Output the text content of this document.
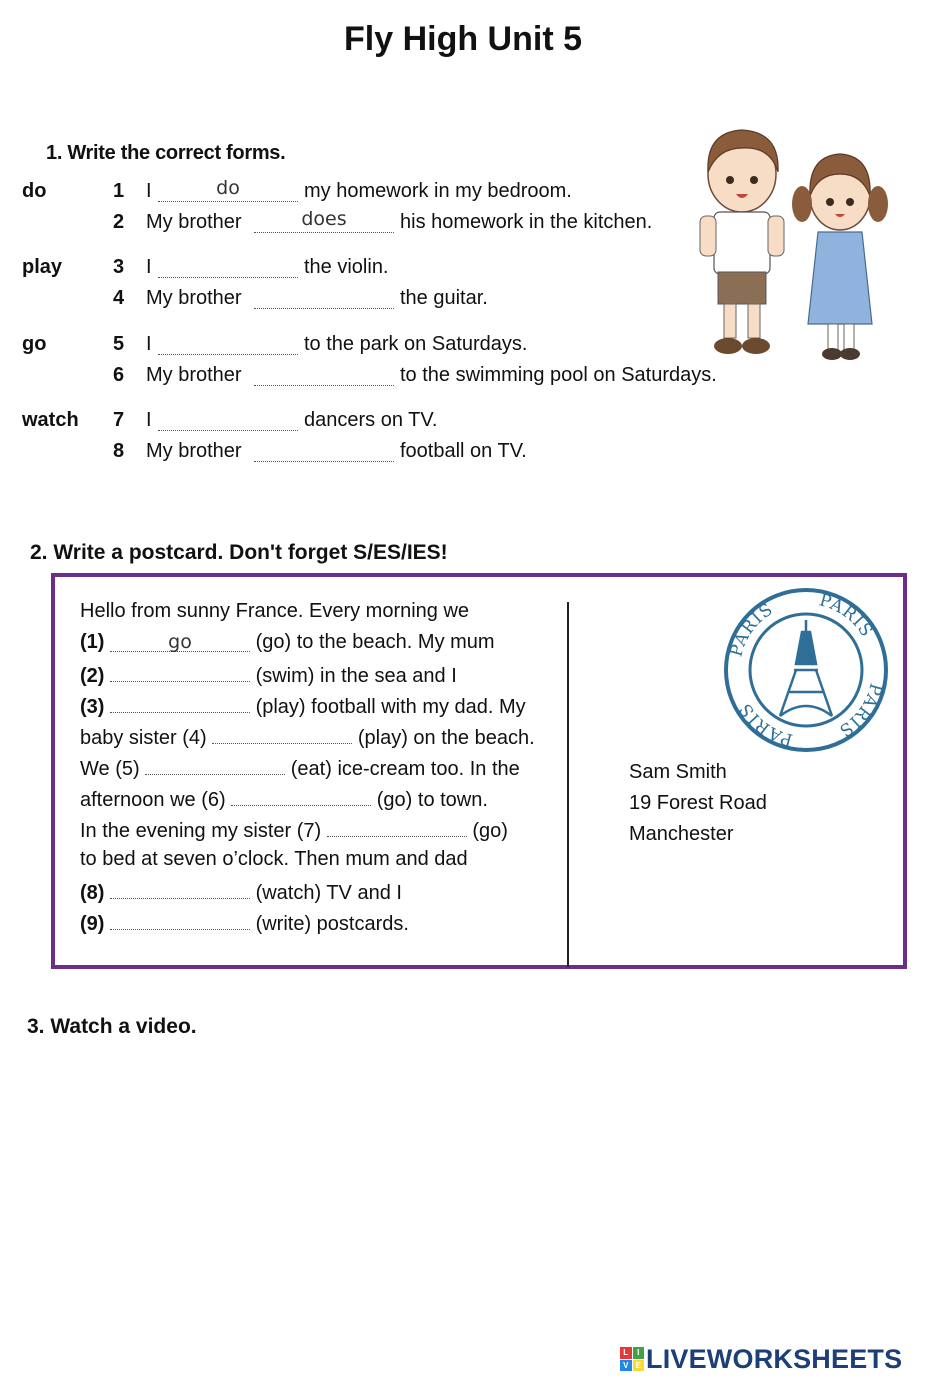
Fly High Unit 5
1. Write the correct forms.
do	1 I	do	my homework in my bedroom.
2 My brother	does	his homework in the kitchen.
play	3 I	the violin.
4 My brother	the guitar.
go	5 I	to the park on Saturdays.
6 My brother	to the swimming pool on Saturdays.
watch 7 I	dancers on TV.
8 My brother	football on TV.
2. Write a postcard. Don't forget S/ES/IES!
Hello from sunny France. Every morning we
(1)	go	(go) to the beach. My mum
(2)	(swim) in the sea and I
(3)	(play) football with my dad. My
baby sister (4)	(play) on the beach.
We (5)	(eat) ice-cream too. In the
afternoon we (6)	(go) to town.
In the evening my sister (7)	(go)
to bed at seven o’clock. Then mum and dad
(8)	(watch) TV and I
(9)	(write) postcards.
PARIS PARIS
PARIS
PARIS
Sam Smith
19 Forest Road
Manchester
3. Watch a video.
L	I
V E LIVEWORKSHEETS
